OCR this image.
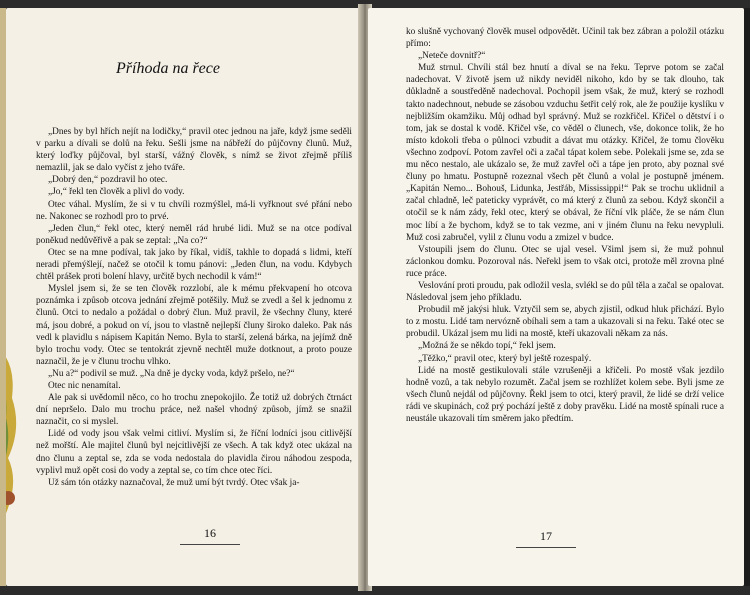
Příhoda na řece

„Dnes by byl hřích nejít na lodičky,“ pravil otec jednou na jaře, když jsme seděli v parku a dívali se dolů na řeku. Sešli jsme na nábřeží do půjčovny člunů. Muž, který loďky půjčoval, byl starší, vážný člověk, s nímž se život zřejmě příliš nemazlil, jak se dalo vyčíst z jeho tváře.

„Dobrý den,“ pozdravil ho otec.

„Jo,“ řekl ten člověk a plivl do vody.

Otec váhal. Myslím, že si v tu chvíli rozmýšlel, má-li vyřknout své přání nebo ne. Nakonec se rozhodl pro to prvé.

„Jeden člun,“ řekl otec, který neměl rád hrubé lidi. Muž se na otce podíval poněkud nedůvěřivě a pak se zeptal: „Na co?“

Otec se na mne podíval, tak jako by říkal, vidíš, takhle to dopadá s lidmi, kteří neradi přemýšlejí, načež se otočil k tomu pánovi: „Jeden člun, na vodu. Kdybych chtěl prášek proti bolení hlavy, určitě bych nechodil k vám!“

Myslel jsem si, že se ten člověk rozzlobí, ale k mému překvapení ho otcova poznámka i způsob otcova jednání zřejmě potěšily. Muž se zvedl a šel k jednomu z člunů. Otci to nedalo a požádal o dobrý člun. Muž pravil, že všechny čluny, které má, jsou dobré, a pokud on ví, jsou to vlastně nejlepší čluny široko daleko. Pak nás vedl k plavidlu s nápisem Kapitán Nemo. Byla to starší, zelená bárka, na jejímž dně bylo trochu vody. Otec se tentokrát zjevně nechtěl muže dotknout, a proto pouze naznačil, že je v člunu trochu vlhko.

„Nu a?“ podivil se muž. „Na dně je dycky voda, když pršelo, ne?“

Otec nic nenamítal.

Ale pak si uvědomil něco, co ho trochu znepokojilo. Že totiž už dobrých čtrnáct dní nepršelo. Dalo mu trochu práce, než našel vhodný způsob, jímž se snažil naznačit, co si myslel.

Lidé od vody jsou však velmi citliví. Myslím si, že říční lodníci jsou citlivější než mořští. Ale majitel člunů byl nejcitlivější ze všech. A tak když otec ukázal na dno člunu a zeptal se, zda se voda nedostala do plavidla čirou náhodou zespoda, vyplivl muž opět cosi do vody a zeptal se, co tím chce otec říci.

Už sám tón otázky naznačoval, že muž umí být tvrdý. Otec však ja-

16

ko slušně vychovaný člověk musel odpovědět. Učinil tak bez zábran a položil otázku přímo:

„Neteče dovnitř?“

Muž strnul. Chvíli stál bez hnutí a díval se na řeku. Teprve potom se začal nadechovat. V životě jsem už nikdy neviděl nikoho, kdo by se tak dlouho, tak důkladně a soustředěně nadechoval. Pochopil jsem však, že muž, který se rozhodl takto nadechnout, nebude se zásobou vzduchu šetřit celý rok, ale že použije kyslíku v nejbližším okamžiku. Můj odhad byl správný. Muž se rozkřičel. Křičel o dětství i o tom, jak se dostal k vodě. Křičel vše, co věděl o člunech, vše, dokonce tolik, že ho místo kdokoli třeba o půlnoci vzbudit a dávat mu otázky. Křičel, že tomu člověku všechno zodpoví. Potom zavřel oči a začal tápat kolem sebe. Polekali jsme se, zda se mu něco nestalo, ale ukázalo se, že muž zavřel oči a tápe jen proto, aby poznal své čluny po hmatu. Postupně rozeznal všech pět člunů a volal je postupně jménem. „Kapitán Nemo... Bohouš, Lidunka, Jestřáb, Mississippi!“ Pak se trochu uklidnil a začal chladně, leč pateticky vyprávět, co má který z člunů za sebou. Když skončil a otočil se k nám zády, řekl otec, který se obával, že říční vlk pláče, že se nám člun moc líbí a že bychom, když se to tak vezme, ani v jiném člunu na řeku nevypluli. Muž cosi zabručel, vylil z člunu vodu a zmizel v budce.

Vstoupili jsem do člunu. Otec se ujal vesel. Všiml jsem si, že muž pohnul záclonkou domku. Pozoroval nás. Neřekl jsem to však otci, protože měl zrovna plné ruce práce.

Veslování proti proudu, pak odložil vesla, svlékl se do půl těla a začal se opalovat. Následoval jsem jeho příkladu.

Probudil mě jakýsi hluk. Vztyčil sem se, abych zjistil, odkud hluk přichází. Bylo to z mostu. Lidé tam nervózně obíhali sem a tam a ukazovali si na řeku. Také otec se probudil. Ukázal jsem mu lidi na mostě, kteří ukazovali někam za nás.

„Možná že se někdo topí,“ řekl jsem.

„Těžko,“ pravil otec, který byl ještě rozespalý.

Lidé na mostě gestikulovali stále vzrušeněji a křičeli. Po mostě však jezdilo hodně vozů, a tak nebylo rozumět. Začal jsem se rozhlížet kolem sebe. Byli jsme ze všech člunů nejdál od půjčovny. Řekl jsem to otci, který pravil, že lidé se drží velice rádi ve skupinách, což prý pochází ještě z doby pravěku. Lidé na mostě spínali ruce a neustále ukazovali tím směrem jako předtím.

17
